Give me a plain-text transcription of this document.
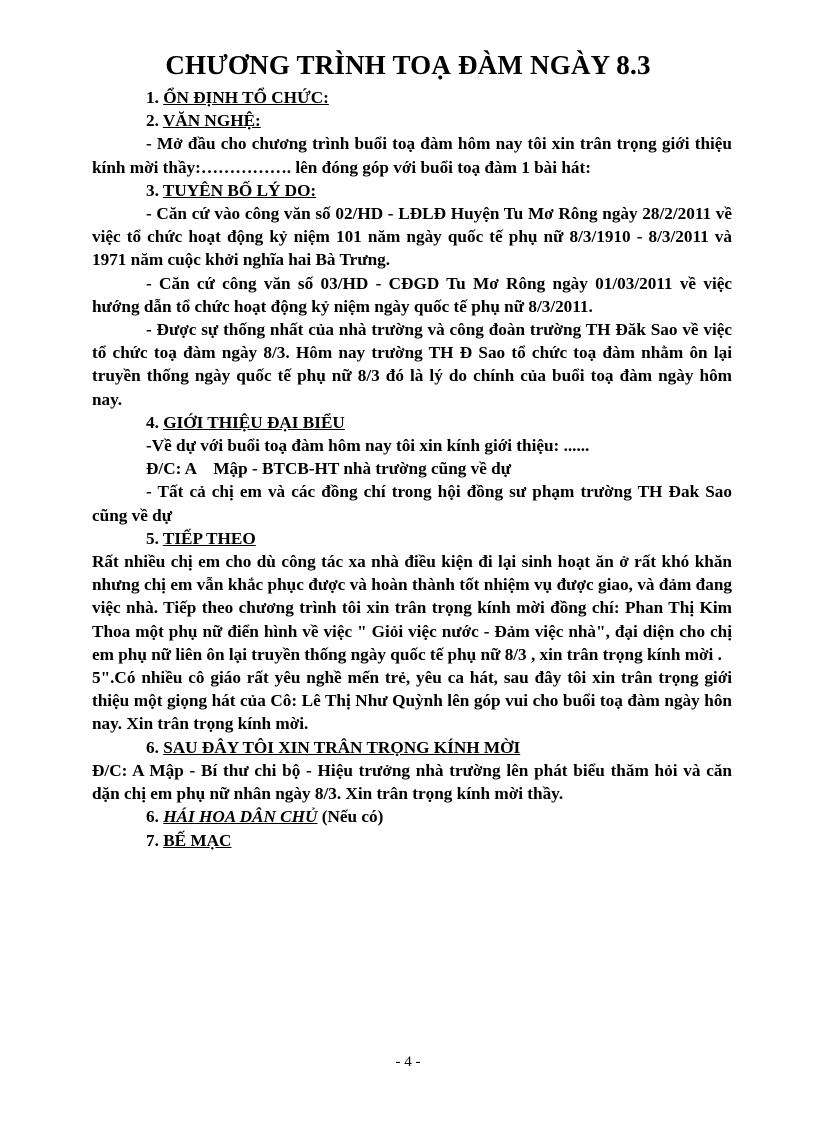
CHƯƠNG TRÌNH TOẠ ĐÀM NGÀY 8.3

1. ỔN ĐỊNH TỔ CHỨC:

2. VĂN NGHỆ:

- Mở đầu cho chương trình buổi toạ đàm hôm nay tôi xin trân trọng giới thiệu kính mời thầy:……………. lên đóng góp với buổi toạ đàm 1 bài hát:

3. TUYÊN BỐ LÝ DO:

- Căn cứ vào công văn số 02/HD - LĐLĐ Huyện Tu Mơ Rông ngày 28/2/2011 về việc tổ chức hoạt động kỷ niệm 101 năm ngày quốc tế phụ nữ 8/3/1910 - 8/3/2011 và 1971 năm cuộc khởi nghĩa hai Bà Trưng.

- Căn cứ công văn số 03/HD - CĐGD Tu Mơ Rông ngày 01/03/2011 về việc hướng dẫn tổ chức hoạt động kỷ niệm ngày quốc tế phụ nữ 8/3/2011.

- Được sự thống nhất của nhà trường và công đoàn trường TH Đăk Sao về việc tổ chức toạ đàm ngày 8/3. Hôm nay trường TH Đ Sao tổ chức toạ đàm nhằm ôn lại truyền thống ngày quốc tế phụ nữ 8/3 đó là lý do chính của buổi toạ đàm ngày hôm nay.

4. GIỚI THIỆU ĐẠI BIỂU

-Về dự với buổi toạ đàm hôm nay tôi xin kính giới thiệu: ......

Đ/C: A    Mập - BTCB-HT nhà trường cũng về dự

- Tất cả chị em và các đồng chí trong hội đồng sư phạm trường TH Đak Sao cũng về dự

5. TIẾP THEO

Rất nhiều chị em cho dù công tác xa nhà điều kiện đi lại sinh hoạt ăn ở rất khó khăn nhưng chị em vẫn khắc phục được và hoàn thành tốt nhiệm vụ được giao, và đảm đang việc nhà. Tiếp theo chương trình tôi xin trân trọng kính mời đồng chí: Phan Thị Kim Thoa một phụ nữ điển hình về việc " Giỏi việc nước - Đảm việc nhà", đại diện cho chị em phụ nữ liên ôn lại truyền thống ngày quốc tế phụ nữ 8/3 , xin trân trọng kính mời .

5".Có nhiều cô giáo rất yêu nghề mến trẻ, yêu ca hát, sau đây tôi xin trân trọng giới thiệu một giọng hát của Cô: Lê Thị Như Quỳnh lên góp vui cho buổi toạ đàm ngày hôn nay. Xin trân trọng kính mời.

6. SAU ĐÂY TÔI XIN TRÂN TRỌNG KÍNH MỜI

Đ/C: A Mập - Bí thư chi bộ - Hiệu trưởng nhà trường lên phát biểu thăm hỏi và căn dặn chị em phụ nữ nhân ngày 8/3. Xin trân trọng kính mời thầy.

6. HÁI HOA DÂN CHỦ (Nếu có)

7. BẾ MẠC

- 4 -
